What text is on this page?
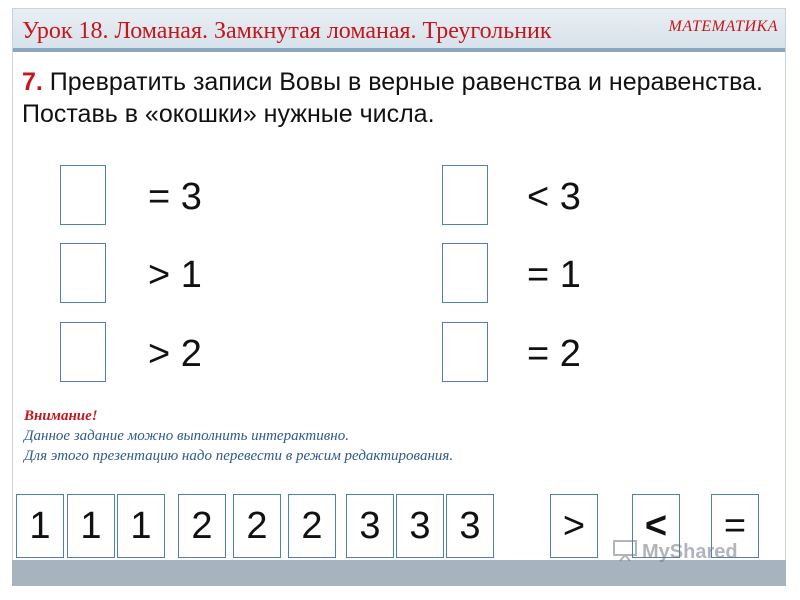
Урок 18. Ломаная. Замкнутая ломаная. Треугольник	МАТЕМАТИКА
7. Превратить записи Вовы в верные равенства и неравенства. Поставь в «окошки» нужные числа.
= 3
> 1
> 2
< 3
= 1
= 2
Внимание!
Данное задание можно выполнить интерактивно.
Для этого презентацию надо перевести в режим редактирования.
1 1 1	2 2 2 3 3 3	>	<	=
MyShared
